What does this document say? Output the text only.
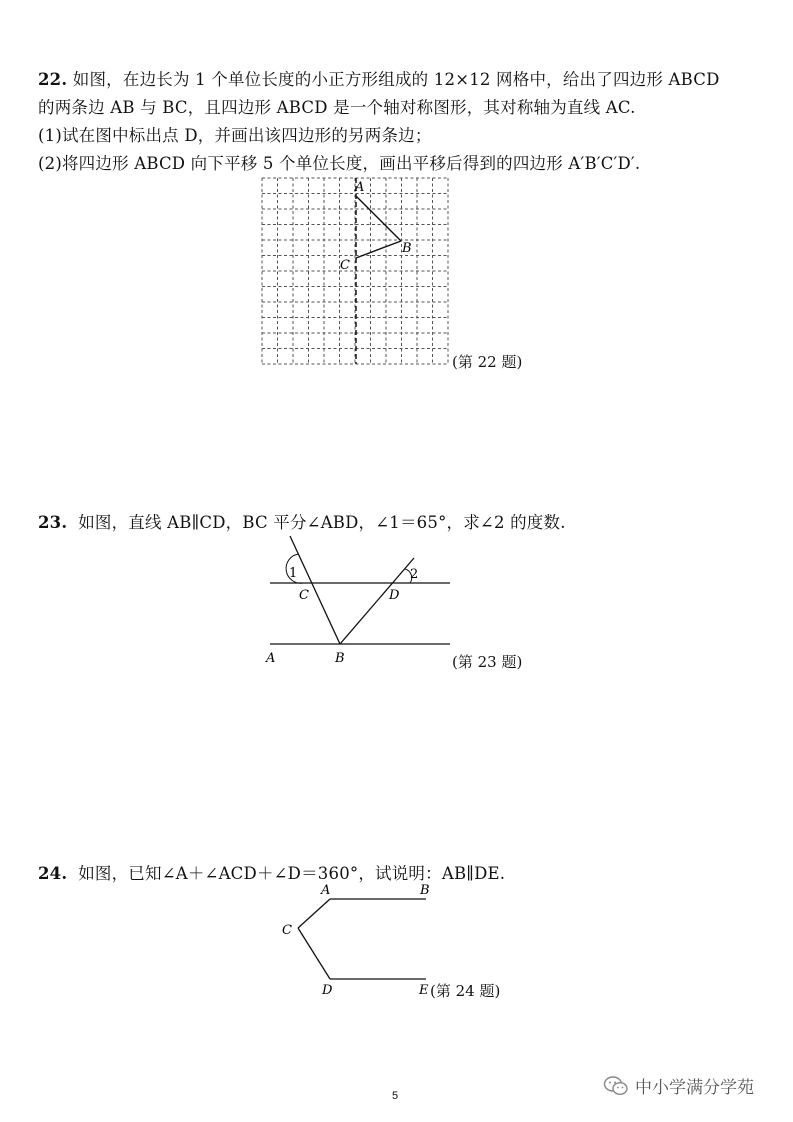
22. 如图，在边长为 1 个单位长度的小正方形组成的 12×12 网格中，给出了四边形 ABCD
的两条边 AB 与 BC，且四边形 ABCD 是一个轴对称图形，其对称轴为直线 AC.
(1)试在图中标出点 D，并画出该四边形的另两条边；
(2)将四边形 ABCD 向下平移 5 个单位长度，画出平移后得到的四边形 A′B′C′D′.
A
B
C
(第 22 题)
23. 如图，直线 AB∥CD，BC 平分∠ABD，∠1＝65°，求∠2 的度数.
1	2
C	D
A	B	(第 23 题)
24. 如图，已知∠A＋∠ACD＋∠D＝360°，试说明：AB∥DE.
A	B
C
D	E (第 24 题)
5	中小学满分学苑
